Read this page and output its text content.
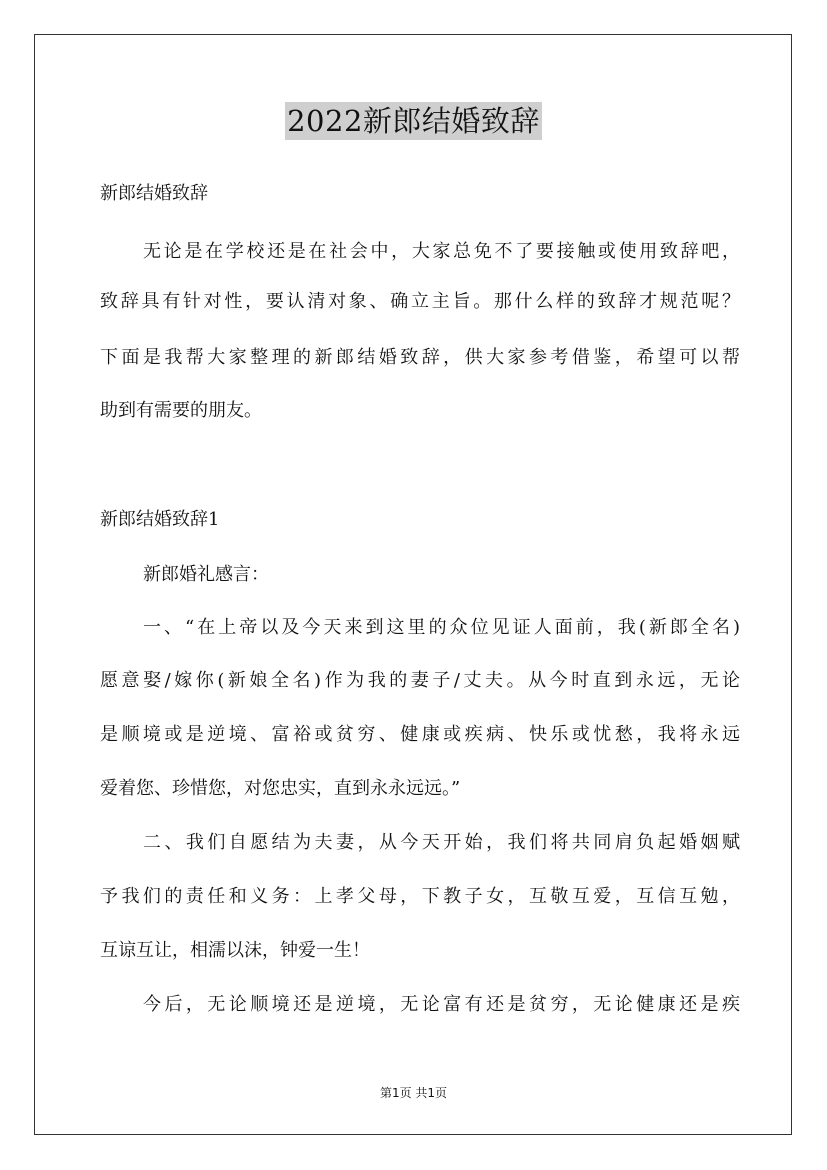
2022新郎结婚致辞
新郎结婚致辞
无论是在学校还是在社会中，大家总免不了要接触或使用致辞吧，
致辞具有针对性，要认清对象、确立主旨。那什么样的致辞才规范呢？
下面是我帮大家整理的新郎结婚致辞，供大家参考借鉴，希望可以帮
助到有需要的朋友。
新郎结婚致辞1
新郎婚礼感言：
一、“在上帝以及今天来到这里的众位见证人面前，我(新郎全名)
愿意娶/嫁你(新娘全名)作为我的妻子/丈夫。从今时直到永远，无论
是顺境或是逆境、富裕或贫穷、健康或疾病、快乐或忧愁，我将永远
爱着您、珍惜您，对您忠实，直到永永远远。”
二、我们自愿结为夫妻，从今天开始，我们将共同肩负起婚姻赋
予我们的责任和义务：上孝父母，下教子女，互敬互爱，互信互勉，
互谅互让，相濡以沫，钟爱一生！
今后，无论顺境还是逆境，无论富有还是贫穷，无论健康还是疾
第1页 共1页
